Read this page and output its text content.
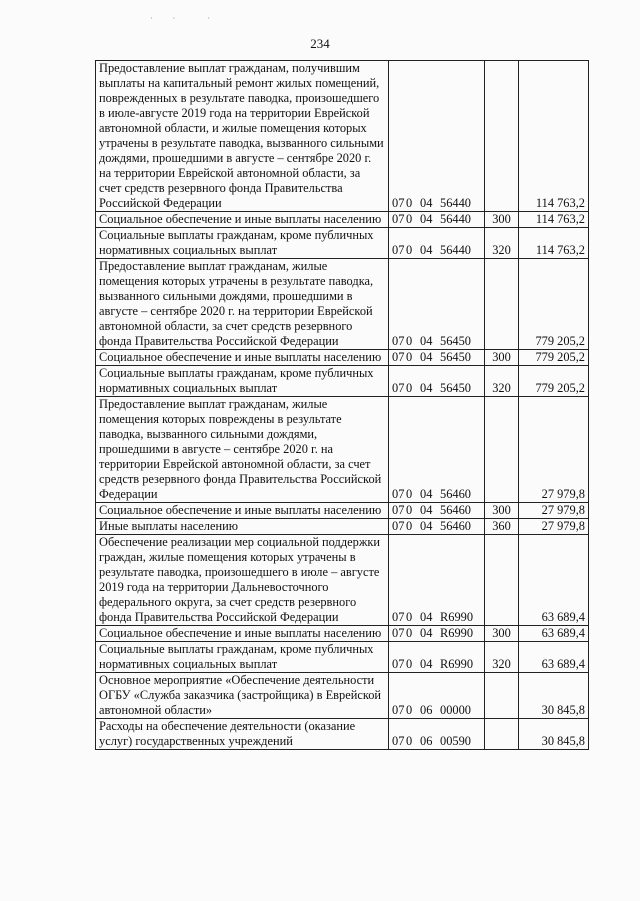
·          ·                ·
234
Предоставление выплат гражданам, получившим выплаты на капитальный ремонт жилых помещений, поврежденных в результате паводка, произошедшего в июле-августе 2019 года на территории Еврейской автономной области, и жилые помещения которых утрачены в результате паводка, вызванного сильными дождями, прошедшими в августе – сентябре 2020 г. на территории Еврейской автономной области, за счет средств резервного фонда Правительства Российской Федерации	07 0 04 56440		114 763,2
Социальное обеспечение и иные выплаты населению	07 0 04 56440	300	114 763,2
Социальные выплаты гражданам, кроме публичных нормативных социальных выплат	07 0 04 56440	320	114 763,2
Предоставление выплат гражданам, жилые помещения которых утрачены в результате паводка, вызванного сильными дождями, прошедшими в августе – сентябре 2020 г. на территории Еврейской автономной области, за счет средств резервного фонда Правительства Российской Федерации	07 0 04 56450		779 205,2
Социальное обеспечение и иные выплаты населению	07 0 04 56450	300	779 205,2
Социальные выплаты гражданам, кроме публичных нормативных социальных выплат	07 0 04 56450	320	779 205,2
Предоставление выплат гражданам, жилые помещения которых повреждены в результате паводка, вызванного сильными дождями, прошедшими в августе – сентябре 2020 г. на территории Еврейской автономной области, за счет средств резервного фонда Правительства Российской Федерации	07 0 04 56460		27 979,8
Социальное обеспечение и иные выплаты населению	07 0 04 56460	300	27 979,8
Иные выплаты населению	07 0 04 56460	360	27 979,8
Обеспечение реализации мер социальной поддержки граждан, жилые помещения которых утрачены в результате паводка, произошедшего в июле – августе 2019 года на территории Дальневосточного федерального округа, за счет средств резервного фонда Правительства Российской Федерации	07 0 04 R6990		63 689,4
Социальное обеспечение и иные выплаты населению	07 0 04 R6990	300	63 689,4
Социальные выплаты гражданам, кроме публичных нормативных социальных выплат	07 0 04 R6990	320	63 689,4
Основное мероприятие «Обеспечение деятельности ОГБУ «Служба заказчика (застройщика) в Еврейской автономной области»	07 0 06 00000		30 845,8
Расходы на обеспечение деятельности (оказание услуг) государственных учреждений	07 0 06 00590		30 845,8
